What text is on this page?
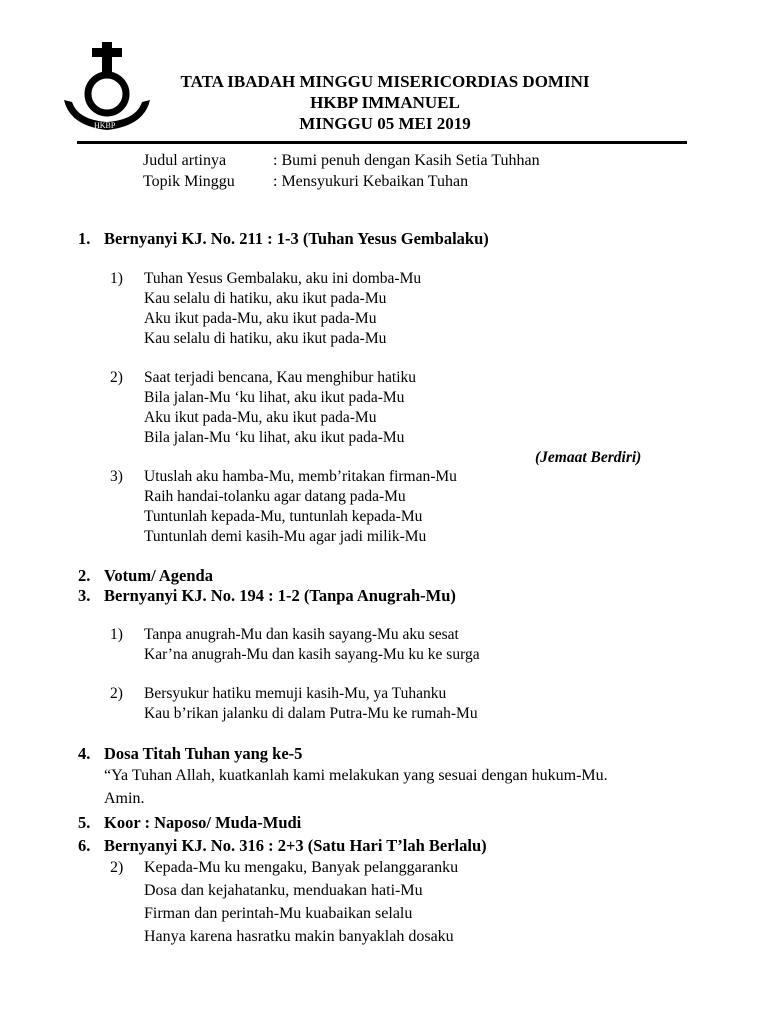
HKBP
TATA IBADAH MINGGU MISERICORDIAS DOMINI
HKBP IMMANUEL
MINGGU 05 MEI 2019
Judul artinya	: Bumi penuh dengan Kasih Setia Tuhhan
Topik Minggu : Mensyukuri Kebaikan Tuhan
1. Bernyanyi KJ. No. 211 : 1-3 (Tuhan Yesus Gembalaku)
1) Tuhan Yesus Gembalaku, aku ini domba-Mu
Kau selalu di hatiku, aku ikut pada-Mu
Aku ikut pada-Mu, aku ikut pada-Mu
Kau selalu di hatiku, aku ikut pada-Mu
2) Saat terjadi bencana, Kau menghibur hatiku
Bila jalan-Mu ‘ku lihat, aku ikut pada-Mu
Aku ikut pada-Mu, aku ikut pada-Mu
Bila jalan-Mu ‘ku lihat, aku ikut pada-Mu
(Jemaat Berdiri)
3) Utuslah aku hamba-Mu, memb’ritakan firman-Mu
Raih handai-tolanku agar datang pada-Mu
Tuntunlah kepada-Mu, tuntunlah kepada-Mu
Tuntunlah demi kasih-Mu agar jadi milik-Mu
2. Votum/ Agenda
3. Bernyanyi KJ. No. 194 : 1-2 (Tanpa Anugrah-Mu)
1) Tanpa anugrah-Mu dan kasih sayang-Mu aku sesat
Kar’na anugrah-Mu dan kasih sayang-Mu ku ke surga
2) Bersyukur hatiku memuji kasih-Mu, ya Tuhanku
Kau b’rikan jalanku di dalam Putra-Mu ke rumah-Mu
4. Dosa Titah Tuhan yang ke-5
“Ya Tuhan Allah, kuatkanlah kami melakukan yang sesuai dengan hukum-Mu.
Amin.
5. Koor : Naposo/ Muda-Mudi
6. Bernyanyi KJ. No. 316 : 2+3 (Satu Hari T’lah Berlalu)
2) Kepada-Mu ku mengaku, Banyak pelanggaranku
Dosa dan kejahatanku, menduakan hati-Mu
Firman dan perintah-Mu kuabaikan selalu
Hanya karena hasratku makin banyaklah dosaku
